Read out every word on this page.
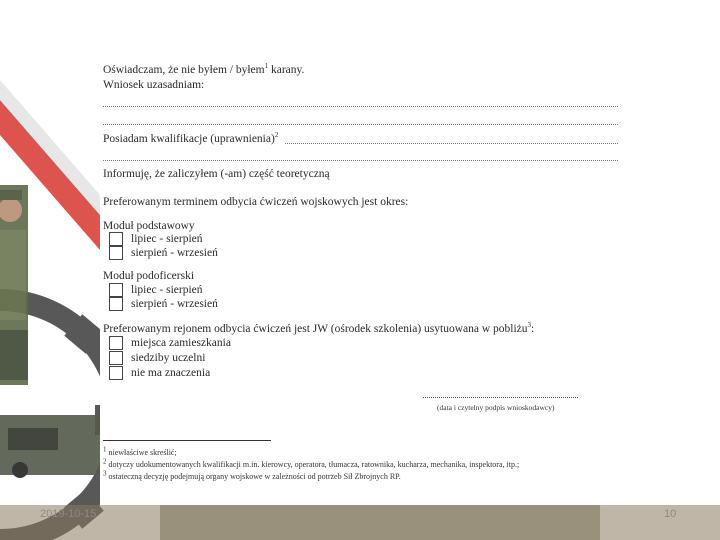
Oświadczam, że nie byłem / byłem$^1$ karany.
Wniosek uzasadniam:
Posiadam kwalifikacje (uprawnienia)$^2$
Informuję, że zaliczyłem (-am) część teoretyczną
Preferowanym terminem odbycia ćwiczeń wojskowych jest okres:
Moduł podstawowy
lipiec - sierpień
sierpień - wrzesień
Moduł podoficerski
lipiec - sierpień
sierpień - wrzesień
Preferowanym rejonem odbycia ćwiczeń jest JW (ośrodek szkolenia) usytuowana w pobliżu$^3$:
miejsca zamieszkania
siedziby uczelni
nie ma znaczenia
(data i czytelny podpis wnioskodawcy)
$^1$ niewłaściwe skreślić;
$^2$ dotyczy udokumentowanych kwalifikacji m.in. kierowcy, operatora, tłumacza, ratownika, kucharza, mechanika, inspektora, itp.;
$^3$ ostateczną decyzję podejmują organy wojskowe w zależności od potrzeb Sił Zbrojnych RP.
2019-10-15	10
